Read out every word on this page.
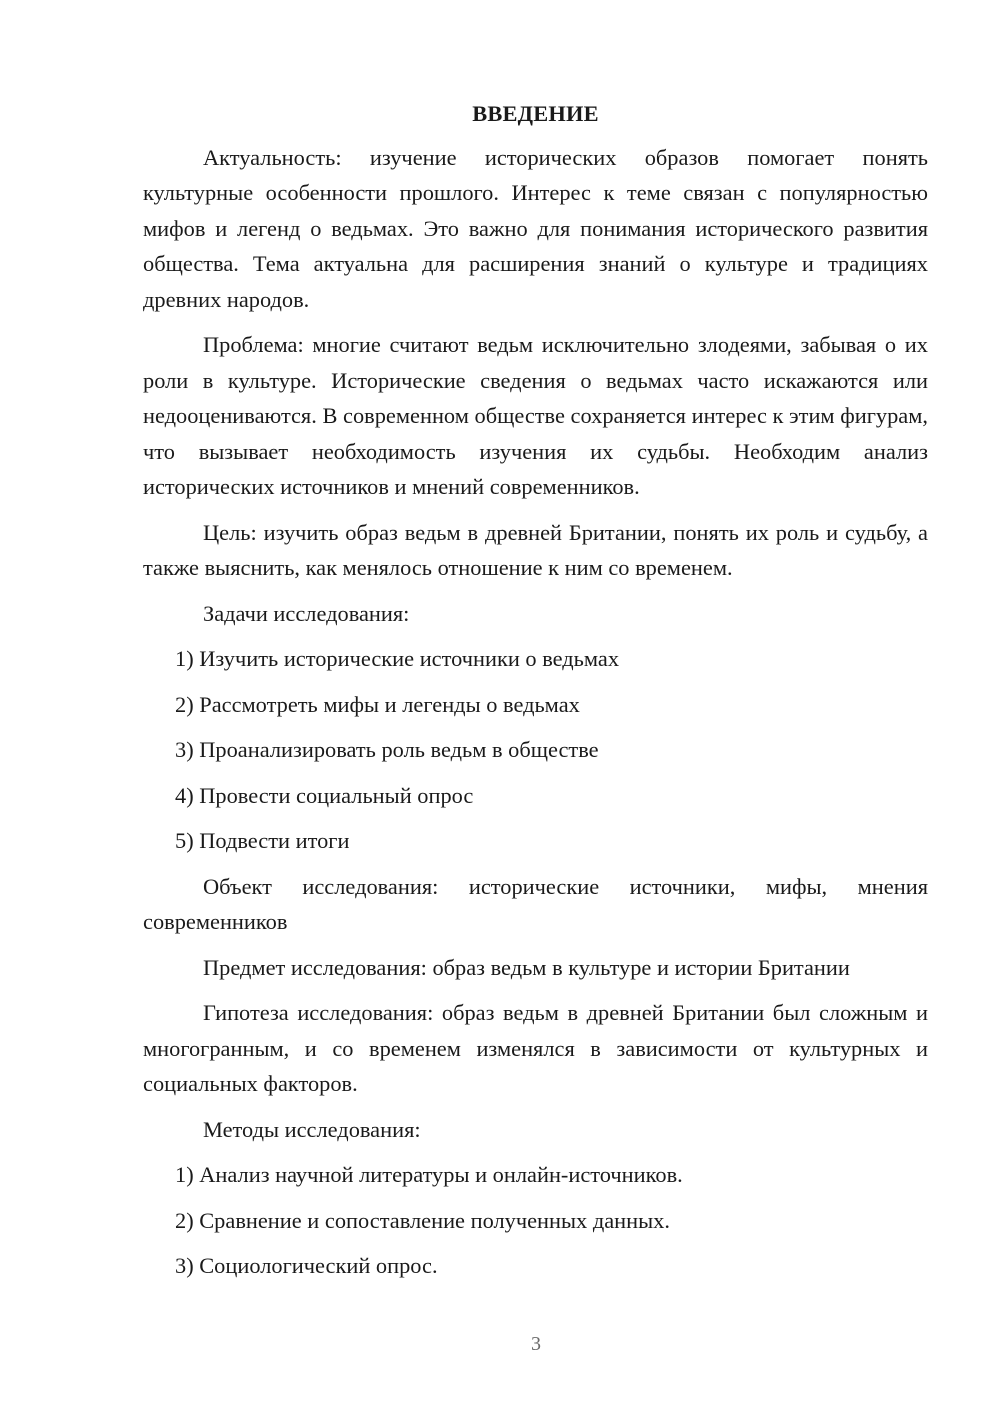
ВВЕДЕНИЕ

Актуальность: изучение исторических образов помогает понять культурные особенности прошлого. Интерес к теме связан с популярностью мифов и легенд о ведьмах. Это важно для понимания исторического развития общества. Тема актуальна для расширения знаний о культуре и традициях древних народов.

Проблема: многие считают ведьм исключительно злодеями, забывая о их роли в культуре. Исторические сведения о ведьмах часто искажаются или недооцениваются. В современном обществе сохраняется интерес к этим фигурам, что вызывает необходимость изучения их судьбы. Необходим анализ исторических источников и мнений современников.

Цель: изучить образ ведьм в древней Британии, понять их роль и судьбу, а также выяснить, как менялось отношение к ним со временем.

Задачи исследования:

1) Изучить исторические источники о ведьмах
2) Рассмотреть мифы и легенды о ведьмах
3) Проанализировать роль ведьм в обществе
4) Провести социальный опрос
5) Подвести итоги

Объект исследования: исторические источники, мифы, мнения современников

Предмет исследования: образ ведьм в культуре и истории Британии

Гипотеза исследования: образ ведьм в древней Британии был сложным и многогранным, и со временем изменялся в зависимости от культурных и социальных факторов.

Методы исследования:

1) Анализ научной литературы и онлайн-источников.
2) Сравнение и сопоставление полученных данных.
3) Социологический опрос.
3
